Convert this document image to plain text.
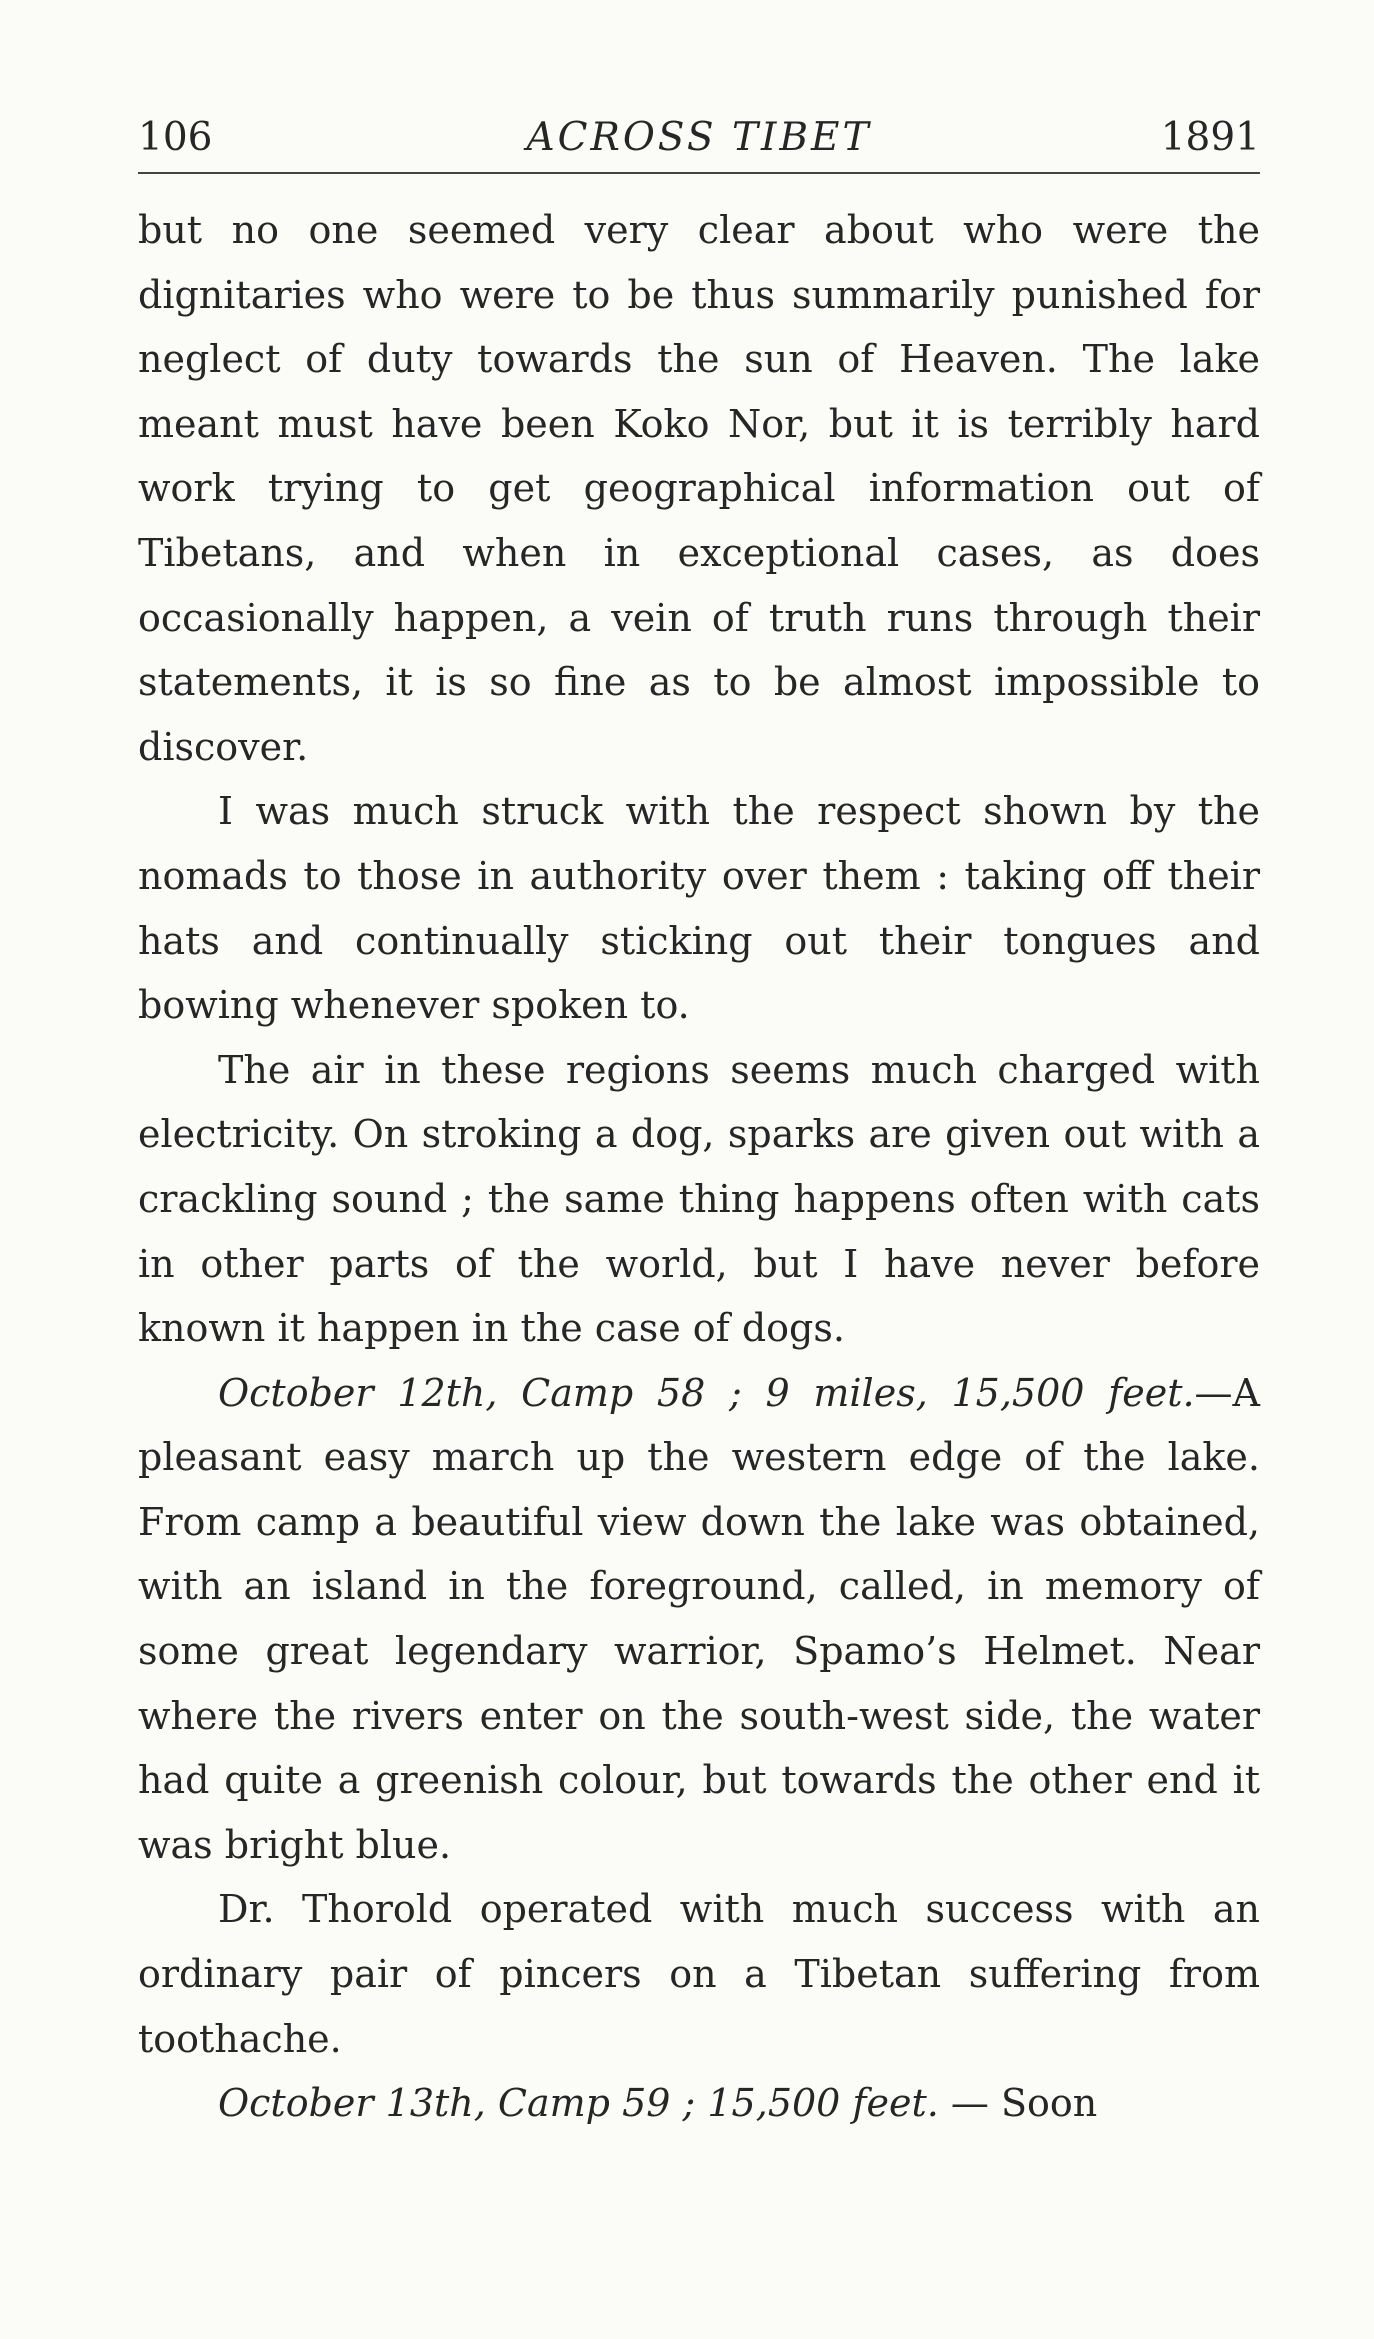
106	ACROSS TIBET	1891

but no one seemed very clear about who were the dignitaries who were to be thus summarily punished for neglect of duty towards the sun of Heaven. The lake meant must have been Koko Nor, but it is terribly hard work trying to get geographical information out of Tibetans, and when in exceptional cases, as does occasionally happen, a vein of truth runs through their statements, it is so fine as to be almost impossible to discover.

I was much struck with the respect shown by the nomads to those in authority over them : taking off their hats and continually sticking out their tongues and bowing whenever spoken to.

The air in these regions seems much charged with electricity. On stroking a dog, sparks are given out with a crackling sound ; the same thing happens often with cats in other parts of the world, but I have never before known it happen in the case of dogs.

October 12th, Camp 58 ; 9 miles, 15,500 feet.—A pleasant easy march up the western edge of the lake. From camp a beautiful view down the lake was obtained, with an island in the foreground, called, in memory of some great legendary warrior, Spamo’s Helmet. Near where the rivers enter on the south-west side, the water had quite a greenish colour, but towards the other end it was bright blue.

Dr. Thorold operated with much success with an ordinary pair of pincers on a Tibetan suffering from toothache.

October 13th, Camp 59 ; 15,500 feet. — Soon
